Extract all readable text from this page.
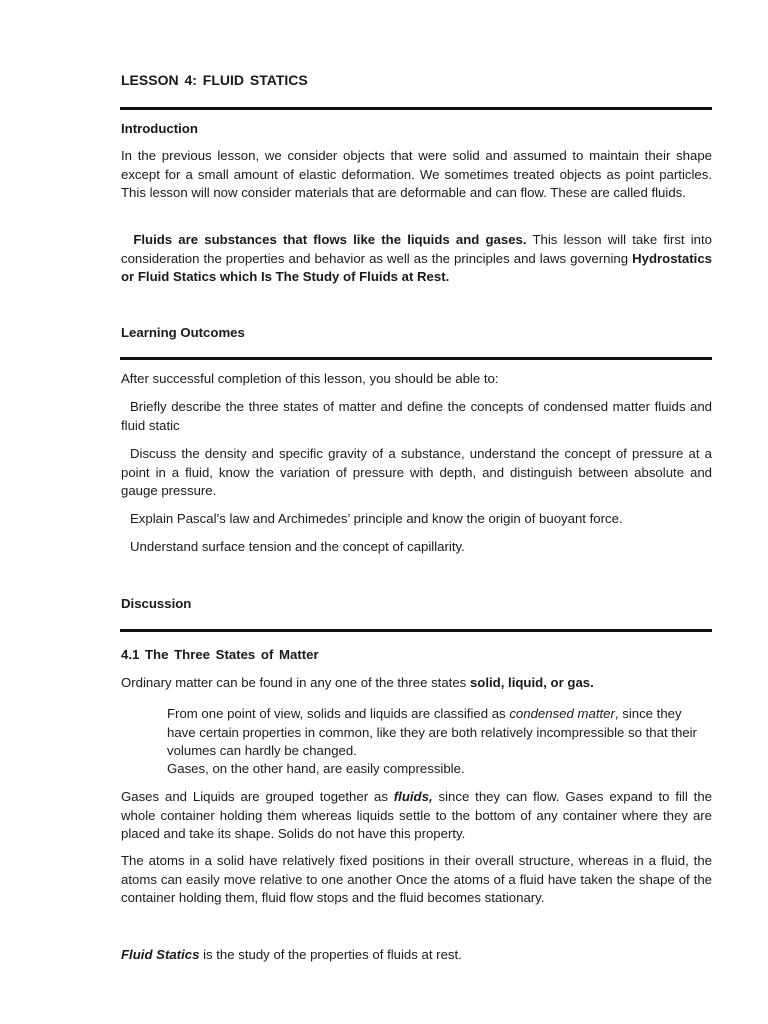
LESSON 4: FLUID STATICS

Introduction

In the previous lesson, we consider objects that were solid and assumed to maintain their shape except for a small amount of elastic deformation. We sometimes treated objects as point particles. This lesson will now consider materials that are deformable and can flow. These are called fluids.

Fluids are substances that flows like the liquids and gases. This lesson will take first into consideration the properties and behavior as well as the principles and laws governing Hydrostatics or Fluid Statics which Is The Study of Fluids at Rest.

Learning Outcomes

After successful completion of this lesson, you should be able to:

Briefly describe the three states of matter and define the concepts of condensed matter fluids and fluid static

Discuss the density and specific gravity of a substance, understand the concept of pressure at a point in a fluid, know the variation of pressure with depth, and distinguish between absolute and gauge pressure.

Explain Pascal’s law and Archimedes’ principle and know the origin of buoyant force.

Understand surface tension and the concept of capillarity.

Discussion

4.1 The Three States of Matter

Ordinary matter can be found in any one of the three states solid, liquid, or gas.

From one point of view, solids and liquids are classified as condensed matter, since they have certain properties in common, like they are both relatively incompressible so that their volumes can hardly be changed.

Gases, on the other hand, are easily compressible.

Gases and Liquids are grouped together as fluids, since they can flow. Gases expand to fill the whole container holding them whereas liquids settle to the bottom of any container where they are placed and take its shape. Solids do not have this property.

The atoms in a solid have relatively fixed positions in their overall structure, whereas in a fluid, the atoms can easily move relative to one another Once the atoms of a fluid have taken the shape of the container holding them, fluid flow stops and the fluid becomes stationary.

Fluid Statics is the study of the properties of fluids at rest.
